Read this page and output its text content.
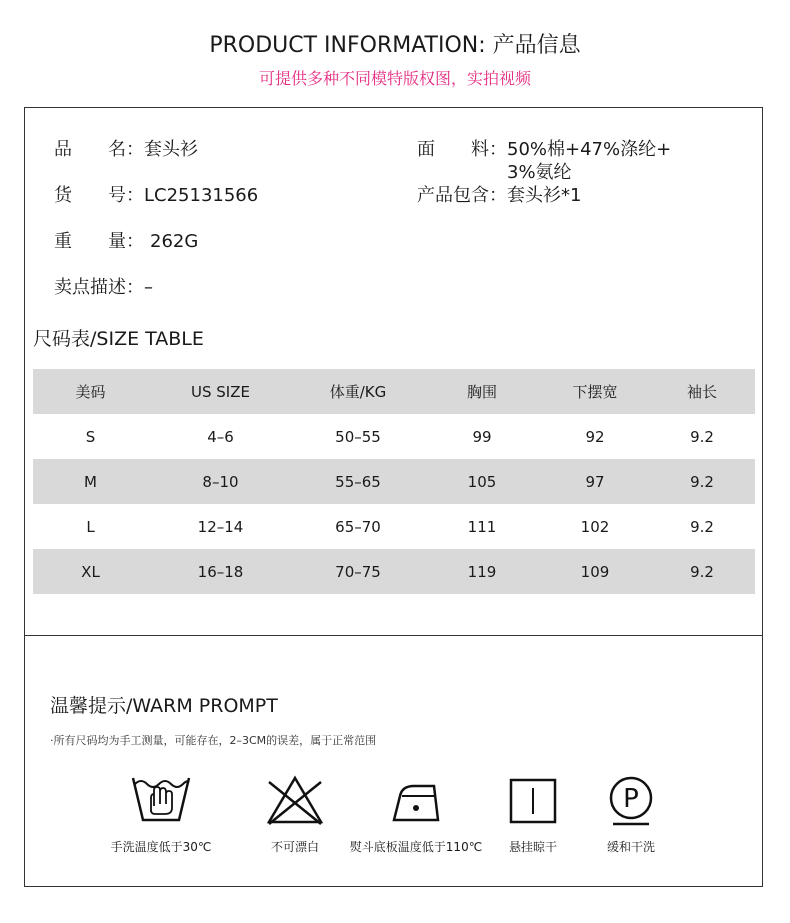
PRODUCT INFORMATION: 产品信息
可提供多种不同模特版权图，实拍视频
品　　名：套头衫
货　　号：LC25131566
重　　量： 262G
卖点描述：–
面　　料：50%棉+47%涤纶+
3%氨纶
产品包含：套头衫*1
尺码表/SIZE TABLE
美码	US SIZE	体重/KG	胸围	下摆宽	袖长
S	4–6	50–55	99	92	9.2
M	8–10	55–65	105	97	9.2
L	12–14	65–70	111	102	9.2
XL	16–18	70–75	119	109	9.2
温馨提示/WARM PROMPT
·所有尺码均为手工测量，可能存在，2–3CM的误差，属于正常范围
手洗温度低于30℃	不可漂白	熨斗底板温度低于110℃	悬挂晾干
P
缓和干洗
